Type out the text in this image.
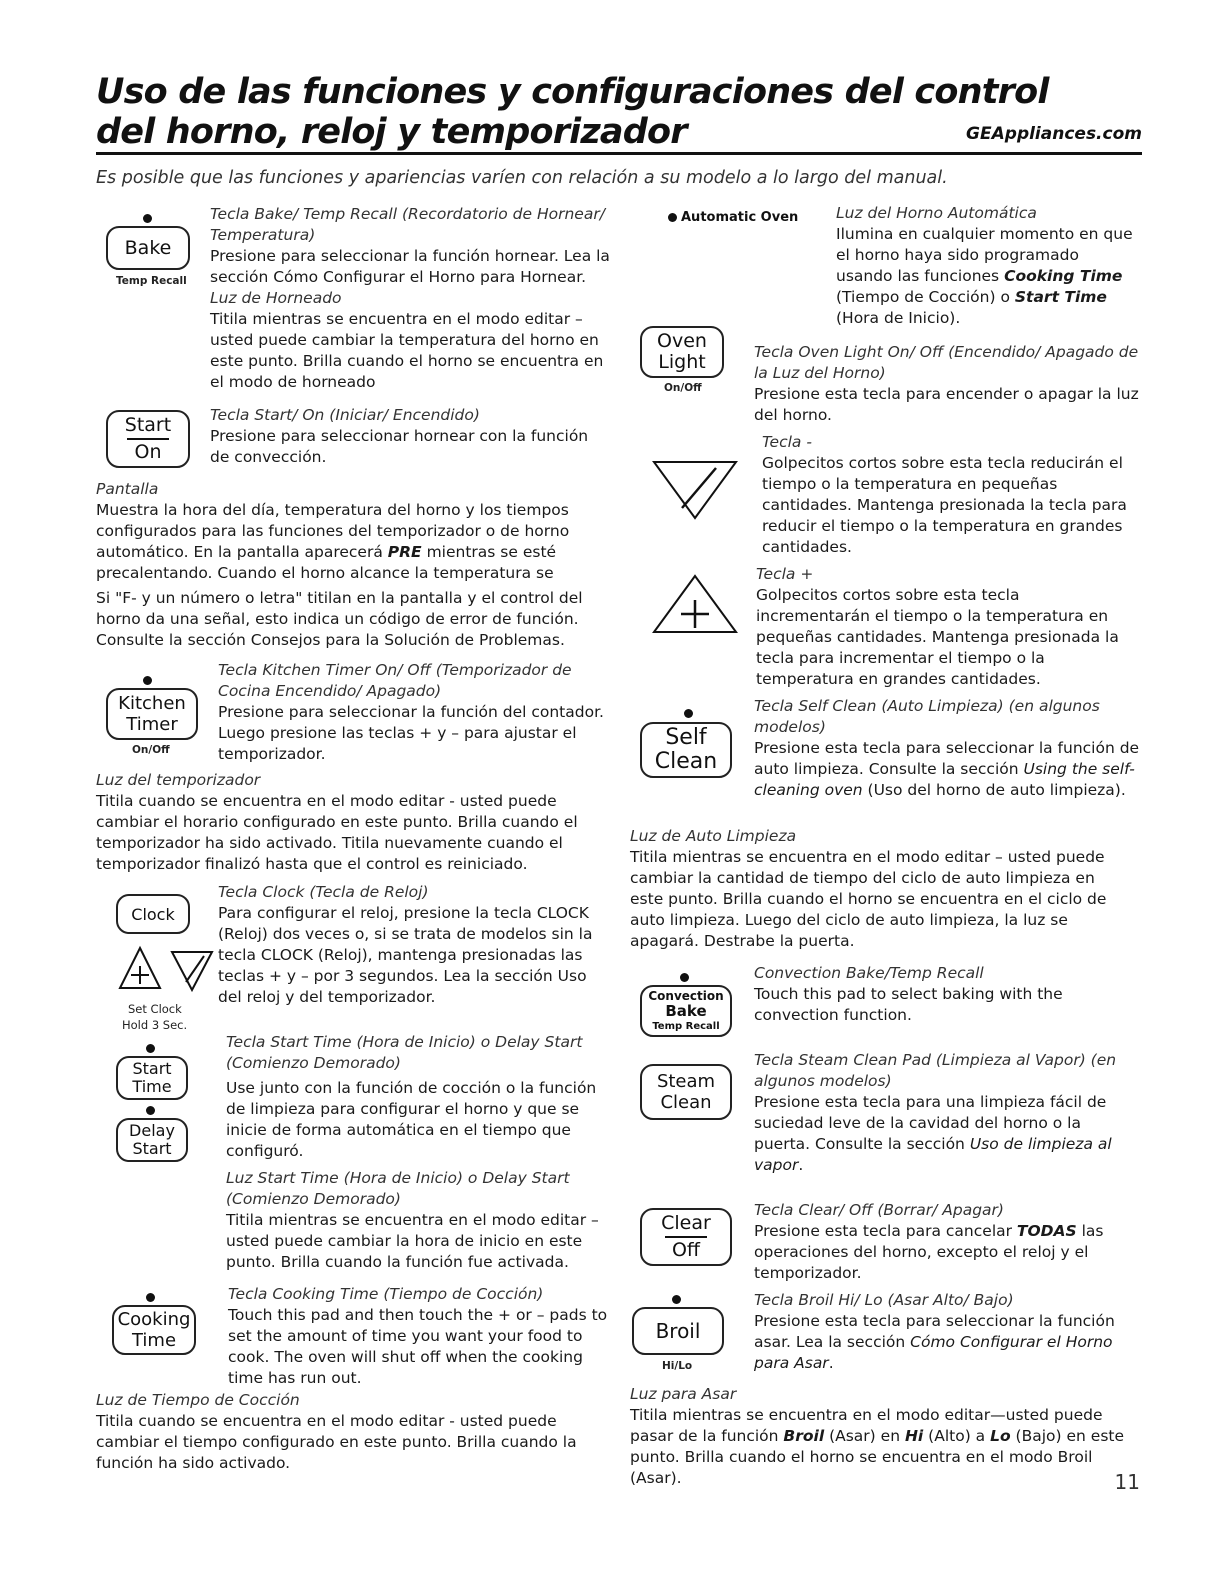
Uso de las funciones y configuraciones del control
del horno, reloj y temporizador	GEAppliances.com
Es posible que las funciones y apariencias varíen con relación a su modelo a lo largo del manual.
Bake
Temp Recall

Tecla Bake/ Temp Recall (Recordatorio de Hornear/ Temperatura)

Presione para seleccionar la función hornear. Lea la sección Cómo Configurar el Horno para Hornear.

Luz de Horneado

Titila mientras se encuentra en el modo editar – usted puede cambiar la temperatura del horno en este punto. Brilla cuando el horno se encuentra en el modo de horneado

Start
On

Tecla Start/ On (Iniciar/ Encendido)

Presione para seleccionar hornear con la función de convección.

Pantalla

Muestra la hora del día, temperatura del horno y los tiempos configurados para las funciones del temporizador o de horno automático. En la pantalla aparecerá PRE mientras se esté precalentando. Cuando el horno alcance la temperatura se

Si "F- y un número o letra" titilan en la pantalla y el control del horno da una señal, esto indica un código de error de función. Consulte la sección Consejos para la Solución de Problemas.

Kitchen
Timer
On/Off

Tecla Kitchen Timer On/ Off (Temporizador de Cocina Encendido/ Apagado)

Presione para seleccionar la función del contador. Luego presione las teclas + y – para ajustar el temporizador.

Luz del temporizador

Titila cuando se encuentra en el modo editar - usted puede cambiar el horario configurado en este punto. Brilla cuando el temporizador ha sido activado. Titila nuevamente cuando el temporizador finalizó hasta que el control es reiniciado.

Clock
Set Clock
Hold 3 Sec.

Tecla Clock (Tecla de Reloj)

Para configurar el reloj, presione la tecla CLOCK (Reloj) dos veces o, si se trata de modelos sin la tecla CLOCK (Reloj), mantenga presionadas las teclas + y – por 3 segundos. Lea la sección Uso del reloj y del temporizador.

Start
Time
Delay
Start

Tecla Start Time (Hora de Inicio) o Delay Start (Comienzo Demorado)

Use junto con la función de cocción o la función de limpieza para configurar el horno y que se inicie de forma automática en el tiempo que configuró.

Luz Start Time (Hora de Inicio) o Delay Start (Comienzo Demorado)

Titila mientras se encuentra en el modo editar – usted puede cambiar la hora de inicio en este punto. Brilla cuando la función fue activada.

Cooking
Time

Tecla Cooking Time (Tiempo de Cocción)

Touch this pad and then touch the + or – pads to set the amount of time you want your food to cook. The oven will shut off when the cooking time has run out.

Luz de Tiempo de Cocción

Titila cuando se encuentra en el modo editar - usted puede cambiar el tiempo configurado en este punto. Brilla cuando la función ha sido activado.

Automatic Oven Luz del Horno Automática

Ilumina en cualquier momento en que el horno haya sido programado usando las funciones Cooking Time (Tiempo de Cocción) o Start Time (Hora de Inicio).

Oven
Light
On/Off

Tecla Oven Light On/ Off (Encendido/ Apagado de la Luz del Horno)

Presione esta tecla para encender o apagar la luz del horno.

Tecla -

Golpecitos cortos sobre esta tecla reducirán el tiempo o la temperatura en pequeñas cantidades. Mantenga presionada la tecla para reducir el tiempo o la temperatura en grandes cantidades.

Tecla +

Golpecitos cortos sobre esta tecla incrementarán el tiempo o la temperatura en pequeñas cantidades. Mantenga presionada la tecla para incrementar el tiempo o la temperatura en grandes cantidades.

Self
Clean

Tecla Self Clean (Auto Limpieza) (en algunos modelos)

Presione esta tecla para seleccionar la función de auto limpieza. Consulte la sección Using the self-cleaning oven (Uso del horno de auto limpieza).

Luz de Auto Limpieza

Titila mientras se encuentra en el modo editar – usted puede cambiar la cantidad de tiempo del ciclo de auto limpieza en este punto. Brilla cuando el horno se encuentra en el ciclo de auto limpieza. Luego del ciclo de auto limpieza, la luz se apagará. Destrabe la puerta.

Convection
Bake
Temp Recall

Convection Bake/Temp Recall

Touch this pad to select baking with the convection function.

Steam
Clean

Tecla Steam Clean Pad (Limpieza al Vapor) (en algunos modelos)

Presione esta tecla para una limpieza fácil de suciedad leve de la cavidad del horno o la puerta. Consulte la sección Uso de limpieza al vapor.

Clear
Off

Tecla Clear/ Off (Borrar/ Apagar)

Presione esta tecla para cancelar TODAS las operaciones del horno, excepto el reloj y el temporizador.

Broil
Hi/Lo

Tecla Broil Hi/ Lo (Asar Alto/ Bajo)

Presione esta tecla para seleccionar la función asar. Lea la sección Cómo Configurar el Horno para Asar.

Luz para Asar

Titila mientras se encuentra en el modo editar—usted puede pasar de la función Broil (Asar) en Hi (Alto) a Lo (Bajo) en este punto. Brilla cuando el horno se encuentra en el modo Broil (Asar).	11
